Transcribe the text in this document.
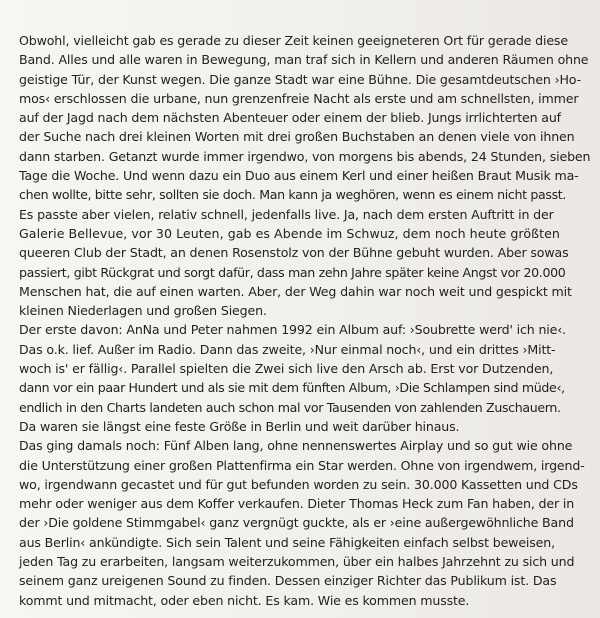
Obwohl, vielleicht gab es gerade zu dieser Zeit keinen geeigneteren Ort für gerade diese
Band. Alles und alle waren in Bewegung, man traf sich in Kellern und anderen Räumen ohne
geistige Tür, der Kunst wegen. Die ganze Stadt war eine Bühne. Die gesamtdeutschen ›Ho-
mos‹ erschlossen die urbane, nun grenzenfreie Nacht als erste und am schnellsten, immer
auf der Jagd nach dem nächsten Abenteuer oder einem der blieb. Jungs irrlichterten auf
der Suche nach drei kleinen Worten mit drei großen Buchstaben an denen viele von ihnen
dann starben. Getanzt wurde immer irgendwo, von morgens bis abends, 24 Stunden, sieben
Tage die Woche. Und wenn dazu ein Duo aus einem Kerl und einer heißen Braut Musik ma-
chen wollte, bitte sehr, sollten sie doch. Man kann ja weghören, wenn es einem nicht passt.
Es passte aber vielen, relativ schnell, jedenfalls live. Ja, nach dem ersten Auftritt in der
Galerie Bellevue, vor 30 Leuten, gab es Abende im Schwuz, dem noch heute größten
queeren Club der Stadt, an denen Rosenstolz von der Bühne gebuht wurden. Aber sowas
passiert, gibt Rückgrat und sorgt dafür, dass man zehn Jahre später keine Angst vor 20.000
Menschen hat, die auf einen warten. Aber, der Weg dahin war noch weit und gespickt mit
kleinen Niederlagen und großen Siegen.
Der erste davon: AnNa und Peter nahmen 1992 ein Album auf: ›Soubrette werd' ich nie‹.
Das o.k. lief. Außer im Radio. Dann das zweite, ›Nur einmal noch‹, und ein drittes ›Mitt-
woch is' er fällig‹. Parallel spielten die Zwei sich live den Arsch ab. Erst vor Dutzenden,
dann vor ein paar Hundert und als sie mit dem fünften Album, ›Die Schlampen sind müde‹,
endlich in den Charts landeten auch schon mal vor Tausenden von zahlenden Zuschauern.
Da waren sie längst eine feste Größe in Berlin und weit darüber hinaus.
Das ging damals noch: Fünf Alben lang, ohne nennenswertes Airplay und so gut wie ohne
die Unterstützung einer großen Plattenfirma ein Star werden. Ohne von irgendwem, irgend-
wo, irgendwann gecastet und für gut befunden worden zu sein. 30.000 Kassetten und CDs
mehr oder weniger aus dem Koffer verkaufen. Dieter Thomas Heck zum Fan haben, der in
der ›Die goldene Stimmgabel‹ ganz vergnügt guckte, als er ›eine außergewöhnliche Band
aus Berlin‹ ankündigte. Sich sein Talent und seine Fähigkeiten einfach selbst beweisen,
jeden Tag zu erarbeiten, langsam weiterzukommen, über ein halbes Jahrzehnt zu sich und
seinem ganz ureigenen Sound zu finden. Dessen einziger Richter das Publikum ist. Das
kommt und mitmacht, oder eben nicht. Es kam. Wie es kommen musste.
